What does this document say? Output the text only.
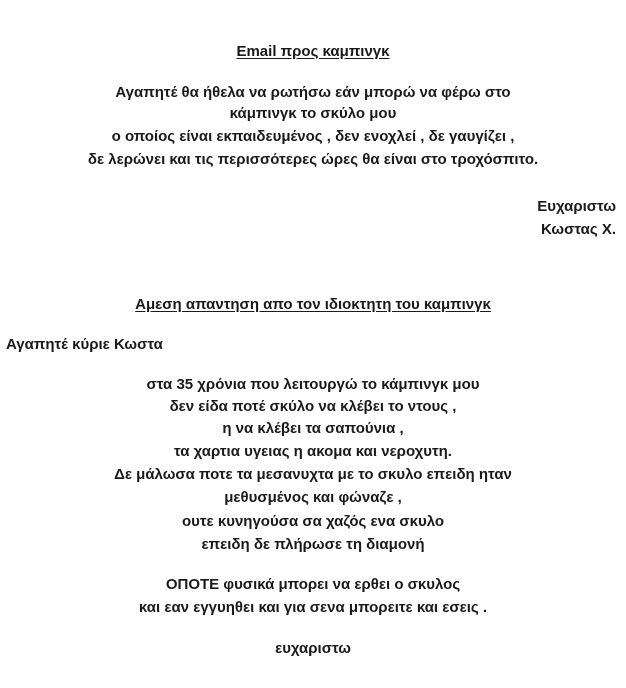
Email προς καμπινγκ
Αγαπητέ θα ήθελα να ρωτήσω εάν μπορώ να φέρω στο
κάμπινγκ το σκύλο μου
ο οποίος είναι εκπαιδευμένος , δεν ενοχλεί , δε γαυγίζει ,
δε λερώνει και τις περισσότερες ώρες θα είναι στο τροχόσπιτο.
Ευχαριστω
Κωστας Χ.
Αμεση απαντηση απο τον ιδιοκτητη του καμπινγκ
Αγαπητέ κύριε Κωστα
στα 35 χρόνια που λειτουργώ το κάμπινγκ μου
δεν είδα ποτέ σκύλο να κλέβει το ντους ,
η να κλέβει τα σαπούνια ,
τα χαρτια υγειας η ακομα και νεροχυτη.
Δε μάλωσα ποτε τα μεσανυχτα με το σκυλο επειδη ηταν
μεθυσμένος και φώναζε ,
ουτε κυνηγούσα σα χαζός ενα σκυλο
επειδη δε πλήρωσε τη διαμονή
ΟΠΟΤΕ φυσικά μπορει να ερθει ο σκυλος
και εαν εγγυηθει και για σενα μπορειτε και εσεις .
ευχαριστω
